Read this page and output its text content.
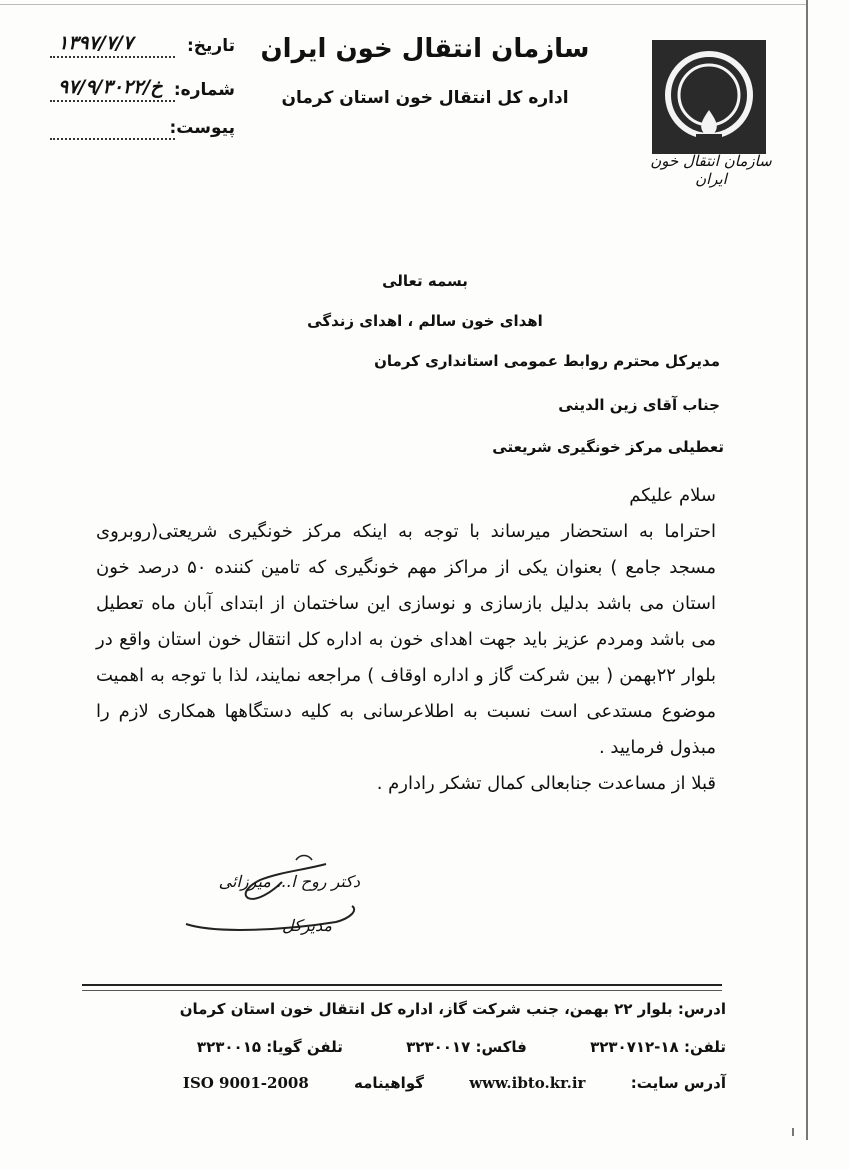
سازمان انتقال خون ایران
سازمان انتقال خون ایران
اداره کل انتقال خون استان کرمان
تاریخ:
۱۳۹۷/۷/۷
شماره:
خ/۹۷/۹/۳۰۲۲
پیوست:
بسمه تعالی
اهدای خون سالم ، اهدای زندگی
مدیرکل محترم روابط عمومی استانداری کرمان
جناب آقای زین الدینی
تعطیلی مرکز خونگیری شریعتی

سلام علیکم

احتراما به استحضار میرساند با توجه به اینکه مرکز خونگیری شریعتی(روبروی مسجد جامع ) بعنوان یکی از مراکز مهم خونگیری که تامین کننده ۵۰ درصد خون استان می باشد بدلیل بازسازی و نوسازی این ساختمان از ابتدای آبان ماه تعطیل می باشد ومردم عزیز باید جهت اهدای خون به اداره کل انتقال خون استان واقع در بلوار ۲۲بهمن ( بین شرکت گاز و اداره اوقاف ) مراجعه نمایند، لذا با توجه به اهمیت موضوع مستدعی است نسبت به اطلاعرسانی به کلیه دستگاهها همکاری لازم را مبذول فرمایید .

قبلا از مساعدت جنابعالی کمال تشکر رادارم .

دکتر روح ا... میرزائی
مدیرکل
ادرس: بلوار ۲۲ بهمن، جنب شرکت گاز، اداره کل انتقال خون استان کرمان
تلفن: ۱۸-۳۲۳۰۷۱۲ فاکس: ۳۲۳۰۰۱۷ تلفن گویا: ۳۲۳۰۰۱۵
آدرس سایت: www.ibto.kr.ir گواهینامه ISO 9001-2008
